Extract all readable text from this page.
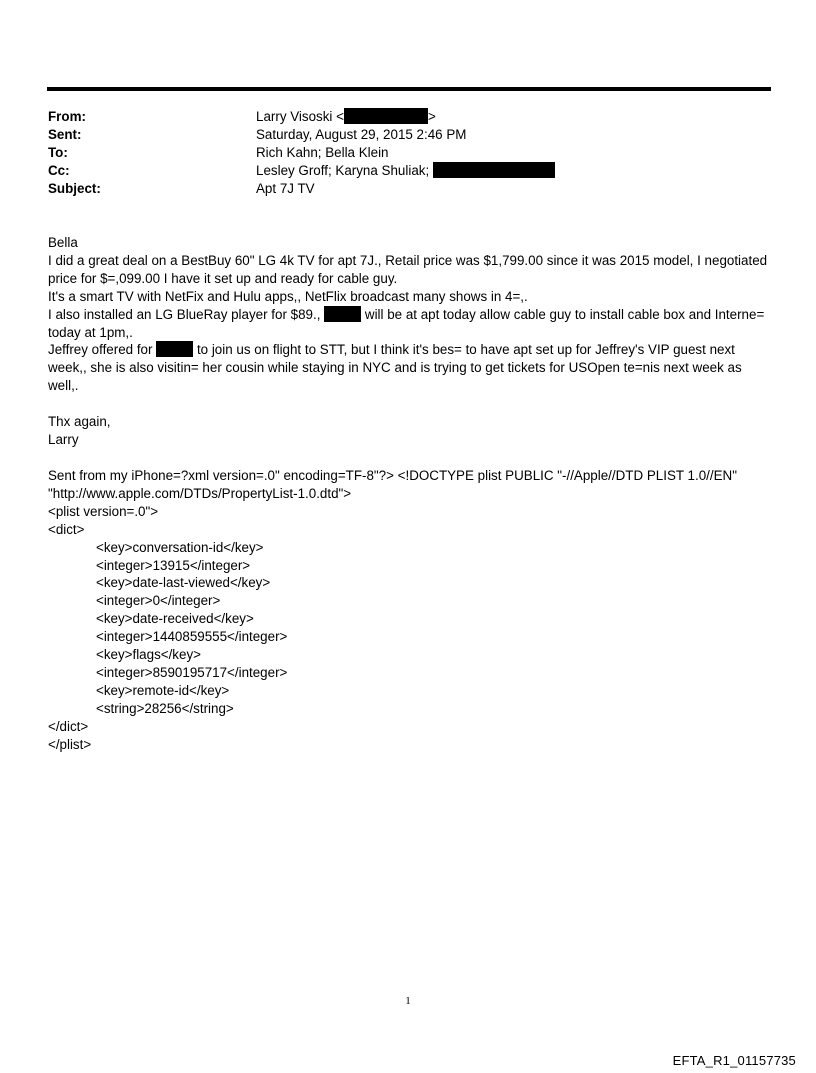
From:	Larry Visoski <	>
Sent:	Saturday, August 29, 2015 2:46 PM
To:	Rich Kahn; Bella Klein
Cc:	Lesley Groff; Karyna Shuliak;
Subject:	Apt 7J TV

Bella

I did a great deal on a BestBuy 60" LG 4k TV for apt 7J., Retail price was $1,799.00 since it was 2015 model, I negotiated price for $=,099.00 I have it set up and ready for cable guy.

It's a smart TV with NetFix and Hulu apps,, NetFlix broadcast many shows in 4=,.

I also installed an LG BlueRay player for $89.,	will be at apt today allow cable guy to install cable box and Interne= today at 1pm,.

Jeffrey offered for	to join us on flight to STT, but I think it's bes= to have apt set up for Jeffrey's VIP guest next week,, she is also visitin= her cousin while staying in NYC and is trying to get tickets for USOpen te=nis next week as well,.

Thx again,

Larry

Sent from my iPhone=?xml version=.0" encoding=TF-8"?> <!DOCTYPE plist PUBLIC "-//Apple//DTD PLIST 1.0//EN" "http://www.apple.com/DTDs/PropertyList-1.0.dtd">

<plist version=.0">

<dict>

<key>conversation-id</key>

<integer>13915</integer>

<key>date-last-viewed</key>

<integer>0</integer>

<key>date-received</key>

<integer>1440859555</integer>

<key>flags</key>

<integer>8590195717</integer>

<key>remote-id</key>

<string>28256</string>

</dict>

</plist>

1
EFTA_R1_01157735
